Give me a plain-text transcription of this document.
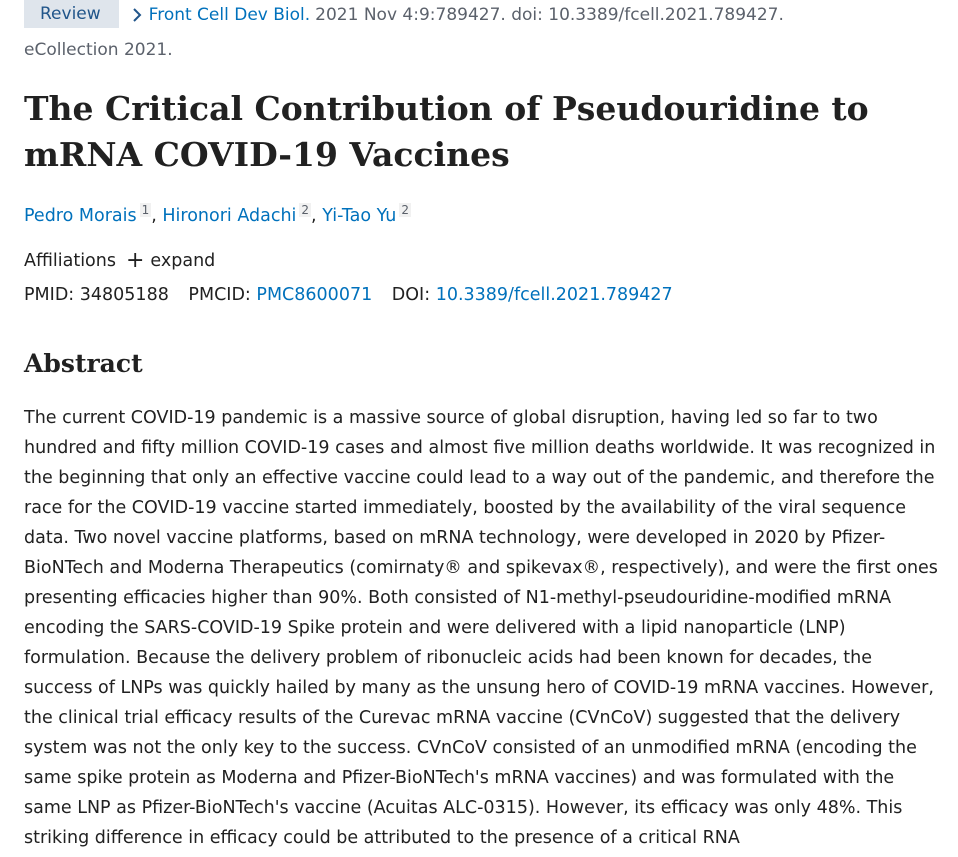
Review	Front Cell Dev Biol. 2021 Nov 4:9:789427. doi: 10.3389/fcell.2021.789427.
eCollection 2021.
The Critical Contribution of Pseudouridine to mRNA COVID-19 Vaccines
Pedro Morais 1 , Hironori Adachi 2 , Yi-Tao Yu 2
Affiliations + expand
PMID: 34805188 PMCID: PMC8600071 DOI: 10.3389/fcell.2021.789427
Abstract

The current COVID-19 pandemic is a massive source of global disruption, having led so far to two hundred and fifty million COVID-19 cases and almost five million deaths worldwide. It was recognized in the beginning that only an effective vaccine could lead to a way out of the pandemic, and therefore the race for the COVID-19 vaccine started immediately, boosted by the availability of the viral sequence data. Two novel vaccine platforms, based on mRNA technology, were developed in 2020 by Pfizer-BioNTech and Moderna Therapeutics (comirnaty® and spikevax®, respectively), and were the first ones presenting efficacies higher than 90%. Both consisted of N1-methyl-pseudouridine-modified mRNA encoding the SARS-COVID-19 Spike protein and were delivered with a lipid nanoparticle (LNP) formulation. Because the delivery problem of ribonucleic acids had been known for decades, the success of LNPs was quickly hailed by many as the unsung hero of COVID-19 mRNA vaccines. However, the clinical trial efficacy results of the Curevac mRNA vaccine (CVnCoV) suggested that the delivery system was not the only key to the success. CVnCoV consisted of an unmodified mRNA (encoding the same spike protein as Moderna and Pfizer-BioNTech's mRNA vaccines) and was formulated with the same LNP as Pfizer-BioNTech's vaccine (Acuitas ALC-0315). However, its efficacy was only 48%. This striking difference in efficacy could be attributed to the presence of a critical RNA
